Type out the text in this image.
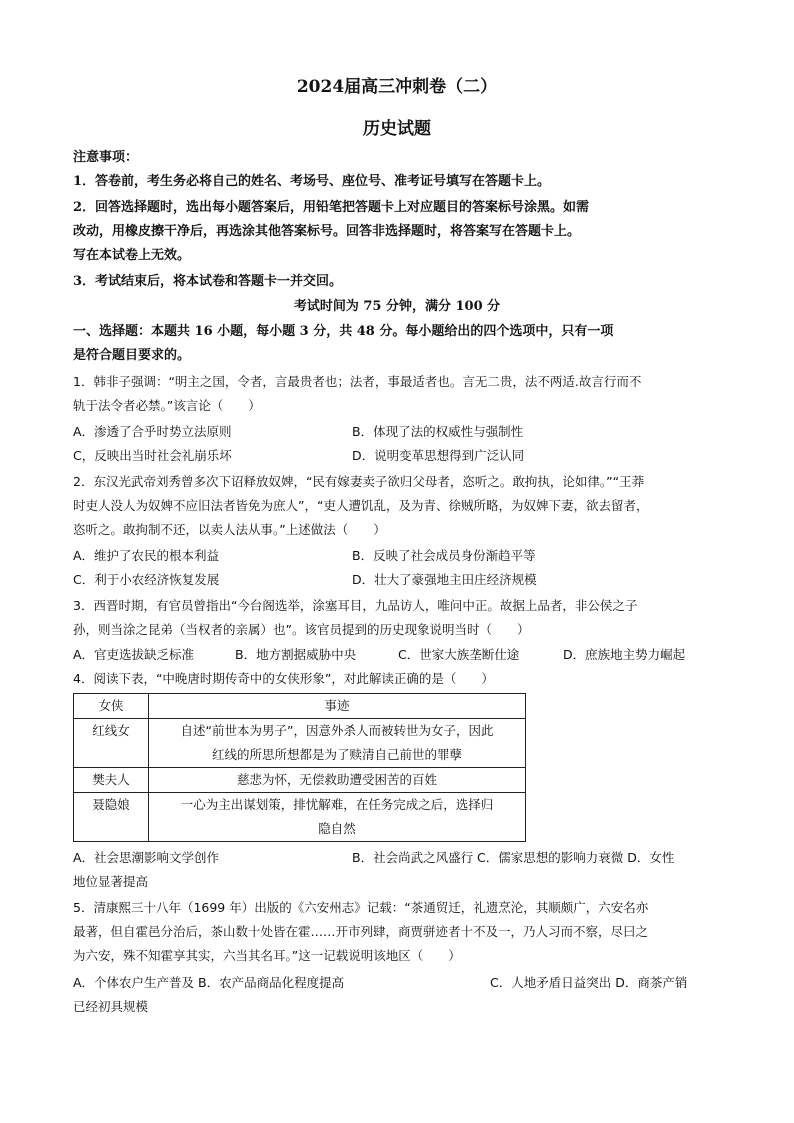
2024届高三冲刺卷（二）
历史试题
注意事项：
1．答卷前，考生务必将自己的姓名、考场号、座位号、准考证号填写在答题卡上。
2．回答选择题时，选出每小题答案后，用铅笔把答题卡上对应题目的答案标号涂黑。如需
改动，用橡皮擦干净后，再选涂其他答案标号。回答非选择题时，将答案写在答题卡上。
写在本试卷上无效。
3．考试结束后，将本试卷和答题卡一并交回。
考试时间为 75 分钟，满分 100 分
一、选择题：本题共 16 小题，每小题 3 分，共 48 分。每小题给出的四个选项中，只有一项
是符合题目要求的。
1．韩非子强调：“明主之国，令者，言最贵者也；法者，事最适者也。言无二贵，法不两适.故言行而不
轨于法令者必禁。”该言论（　　）
A．渗透了合乎时势立法原则	B．体现了法的权威性与强制性
C，反映出当时社会礼崩乐坏	D．说明变革思想得到广泛认同
2．东汉光武帝刘秀曾多次下诏释放奴婢，“民有嫁妻卖子欲归父母者，恣听之。敢拘执，论如律。”“王莽
时吏人没人为奴婢不应旧法者皆免为庶人”，“吏人遭饥乱，及为青、徐贼所略，为奴婢下妻，欲去留者，
恣听之。敢拘制不还，以卖人法从事。”上述做法（　　）
A．维护了农民的根本利益	B．反映了社会成员身份渐趋平等
C．利于小农经济恢复发展	D．壮大了豪强地主田庄经济规模
3．西晋时期，有官员曾指出“今台阁选举，涂塞耳目，九品访人，唯问中正。故据上品者，非公侯之子
孙，则当涂之昆弟（当权者的亲属）也”。该官员提到的历史现象说明当时（　　）
A．官吏选拔缺乏标准	B．地方割据威胁中央	C．世家大族垄断仕途	D．庶族地主势力崛起
4．阅读下表，“中晚唐时期传奇中的女侠形象”，对此解读正确的是（　　）
女侠	事迹
红线女	自述“前世本为男子”，因意外杀人而被转世为女子，因此
红线的所思所想都是为了赎清自己前世的罪孽

樊夫人	慈悲为怀，无偿救助遭受困苦的百姓

聂隐娘	一心为主出谋划策，排忧解难，在任务完成之后，选择归
隐自然
A．社会思潮影响文学创作	B．社会尚武之风盛行 C．儒家思想的影响力衰微 D．女性
地位显著提高
5．清康熙三十八年（1699 年）出版的《六安州志》记载：“茶通贸迁，礼遗烹沦，其顺颇广，六安名亦
最著，但自霍邑分治后，茶山数十处皆在霍……开市列肆，商贾骈迹者十不及一，乃人习而不察，尽曰之
为六安，殊不知霍享其实，六当其名耳。”这一记载说明该地区（　　）
A．个体农户生产普及 B．农产品商品化程度提高	C．人地矛盾日益突出 D．商茶产销
已经初具规模
